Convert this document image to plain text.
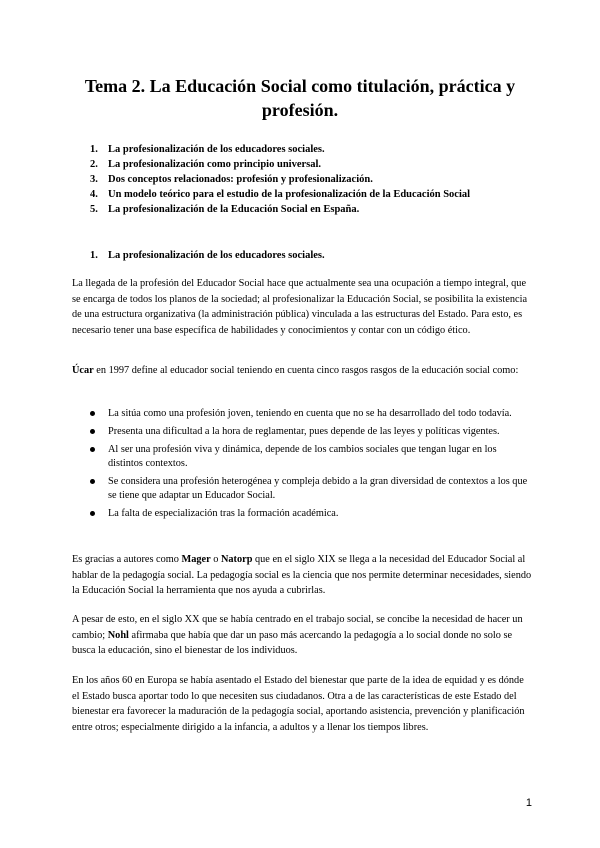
Tema 2. La Educación Social como titulación, práctica y profesión.
1. La profesionalización de los educadores sociales.
2. La profesionalización como principio universal.
3. Dos conceptos relacionados: profesión y profesionalización.
4. Un modelo teórico para el estudio de la profesionalización de la Educación Social
5. La profesionalización de la Educación Social en España.
1. La profesionalización de los educadores sociales.

La llegada de la profesión del Educador Social hace que actualmente sea una ocupación a tiempo integral, que se encarga de todos los planos de la sociedad; al profesionalizar la Educación Social, se posibilita la existencia de una estructura organizativa (la administración pública) vinculada a las estructuras del Estado. Para esto, es necesario tener una base específica de habilidades y conocimientos y contar con un código ético.

Úcar en 1997 define al educador social teniendo en cuenta cinco rasgos rasgos de la educación social como:

La sitúa como una profesión joven, teniendo en cuenta que no se ha desarrollado del todo todavía.
Presenta una dificultad a la hora de reglamentar, pues depende de las leyes y políticas vigentes.
Al ser una profesión viva y dinámica, depende de los cambios sociales que tengan lugar en los distintos contextos.
Se considera una profesión heterogénea y compleja debido a la gran diversidad de contextos a los que se tiene que adaptar un Educador Social.
La falta de especialización tras la formación académica.

Es gracias a autores como Mager o Natorp que en el siglo XIX se llega a la necesidad del Educador Social al hablar de la pedagogía social. La pedagogía social es la ciencia que nos permite determinar necesidades, siendo la Educación Social la herramienta que nos ayuda a cubrirlas.

A pesar de esto, en el siglo XX que se había centrado en el trabajo social, se concibe la necesidad de hacer un cambio; Nohl afirmaba que había que dar un paso más acercando la pedagogía a lo social donde no solo se busca la educación, sino el bienestar de los individuos.

En los años 60 en Europa se había asentado el Estado del bienestar que parte de la idea de equidad y es dónde el Estado busca aportar todo lo que necesiten sus ciudadanos. Otra a de las características de este Estado del bienestar era favorecer la maduración de la pedagogía social, aportando asistencia, prevención y planificación entre otros; especialmente dirigido a la infancia, a adultos y a llenar los tiempos libres.

1
